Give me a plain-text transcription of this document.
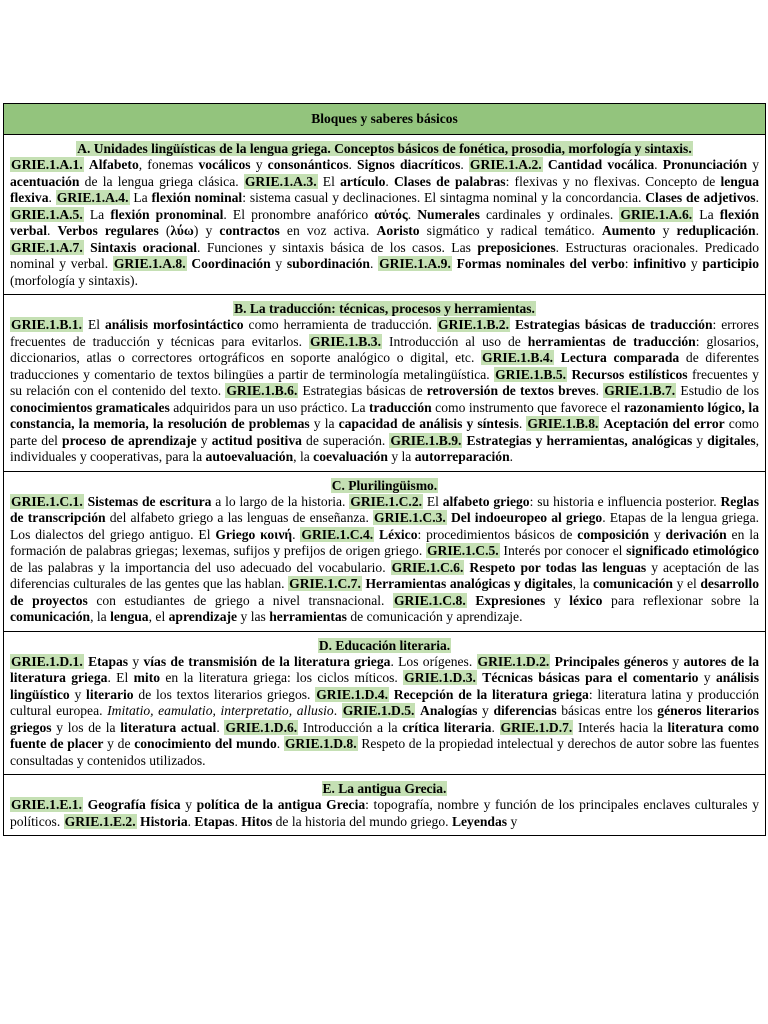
Bloques y saberes básicos
A. Unidades lingüísticas de la lengua griega. Conceptos básicos de fonética, prosodia, morfología y sintaxis.
GRIE.1.A.1. Alfabeto, fonemas vocálicos y consonánticos. Signos diacríticos. GRIE.1.A.2. Cantidad vocálica. Pronunciación y acentuación de la lengua griega clásica. GRIE.1.A.3. El artículo. Clases de palabras: flexivas y no flexivas. Concepto de lengua flexiva. GRIE.1.A.4. La flexión nominal: sistema casual y declinaciones. El sintagma nominal y la concordancia. Clases de adjetivos. GRIE.1.A.5. La flexión pronominal. El pronombre anafórico αὐτός. Numerales cardinales y ordinales. GRIE.1.A.6. La flexión verbal. Verbos regulares (λύω) y contractos en voz activa. Aoristo sigmático y radical temático. Aumento y reduplicación. GRIE.1.A.7. Sintaxis oracional. Funciones y sintaxis básica de los casos. Las preposiciones. Estructuras oracionales. Predicado nominal y verbal. GRIE.1.A.8. Coordinación y subordinación. GRIE.1.A.9. Formas nominales del verbo: infinitivo y participio (morfología y sintaxis).
B. La traducción: técnicas, procesos y herramientas.
GRIE.1.B.1. El análisis morfosintáctico como herramienta de traducción. GRIE.1.B.2. Estrategias básicas de traducción: errores frecuentes de traducción y técnicas para evitarlos. GRIE.1.B.3. Introducción al uso de herramientas de traducción: glosarios, diccionarios, atlas o correctores ortográficos en soporte analógico o digital, etc. GRIE.1.B.4. Lectura comparada de diferentes traducciones y comentario de textos bilingües a partir de terminología metalingüística. GRIE.1.B.5. Recursos estilísticos frecuentes y su relación con el contenido del texto. GRIE.1.B.6. Estrategias básicas de retroversión de textos breves. GRIE.1.B.7. Estudio de los conocimientos gramaticales adquiridos para un uso práctico. La traducción como instrumento que favorece el razonamiento lógico, la constancia, la memoria, la resolución de problemas y la capacidad de análisis y síntesis. GRIE.1.B.8. Aceptación del error como parte del proceso de aprendizaje y actitud positiva de superación. GRIE.1.B.9. Estrategias y herramientas, analógicas y digitales, individuales y cooperativas, para la autoevaluación, la coevaluación y la autorreparación.
C. Plurilingüismo.
GRIE.1.C.1. Sistemas de escritura a lo largo de la historia. GRIE.1.C.2. El alfabeto griego: su historia e influencia posterior. Reglas de transcripción del alfabeto griego a las lenguas de enseñanza. GRIE.1.C.3. Del indoeuropeo al griego. Etapas de la lengua griega. Los dialectos del griego antiguo. El Griego κοινή. GRIE.1.C.4. Léxico: procedimientos básicos de composición y derivación en la formación de palabras griegas; lexemas, sufijos y prefijos de origen griego. GRIE.1.C.5. Interés por conocer el significado etimológico de las palabras y la importancia del uso adecuado del vocabulario. GRIE.1.C.6. Respeto por todas las lenguas y aceptación de las diferencias culturales de las gentes que las hablan. GRIE.1.C.7. Herramientas analógicas y digitales, la comunicación y el desarrollo de proyectos con estudiantes de griego a nivel transnacional. GRIE.1.C.8. Expresiones y léxico para reflexionar sobre la comunicación, la lengua, el aprendizaje y las herramientas de comunicación y aprendizaje.
D. Educación literaria.
GRIE.1.D.1. Etapas y vías de transmisión de la literatura griega. Los orígenes. GRIE.1.D.2. Principales géneros y autores de la literatura griega. El mito en la literatura griega: los ciclos míticos. GRIE.1.D.3. Técnicas básicas para el comentario y análisis lingüístico y literario de los textos literarios griegos. GRIE.1.D.4. Recepción de la literatura griega: literatura latina y producción cultural europea. Imitatio, eamulatio, interpretatio, allusio. GRIE.1.D.5. Analogías y diferencias básicas entre los géneros literarios griegos y los de la literatura actual. GRIE.1.D.6. Introducción a la crítica literaria. GRIE.1.D.7. Interés hacia la literatura como fuente de placer y de conocimiento del mundo. GRIE.1.D.8. Respeto de la propiedad intelectual y derechos de autor sobre las fuentes consultadas y contenidos utilizados.
E. La antigua Grecia.
GRIE.1.E.1. Geografía física y política de la antigua Grecia: topografía, nombre y función de los principales enclaves culturales y políticos. GRIE.1.E.2. Historia. Etapas. Hitos de la historia del mundo griego. Leyendas y
